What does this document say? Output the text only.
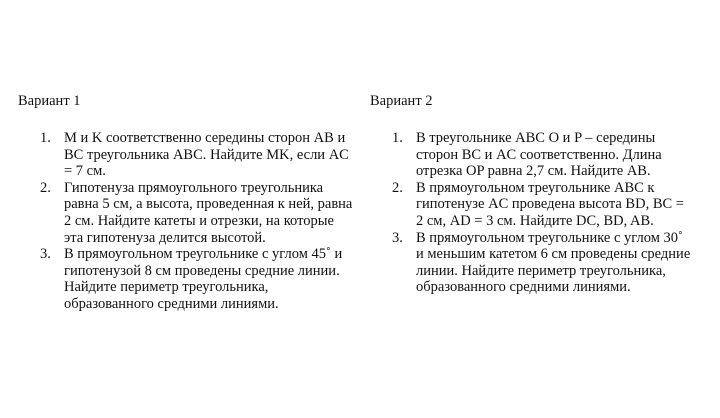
Вариант 1

1. M и K соответственно середины сторон AB и BC треугольника ABC. Найдите MK, если AC = 7 см.
2. Гипотенуза прямоугольного треугольника равна 5 см, а высота, проведенная к ней, равна 2 см. Найдите катеты и отрезки, на которые эта гипотенуза делится высотой.
3. В прямоугольном треугольнике с углом 45˚ и гипотенузой 8 см проведены средние линии. Найдите периметр треугольника, образованного средними линиями.

Вариант 2

1. В треугольнике ABC O и P – середины сторон BC и AC соответственно. Длина отрезка OP равна 2,7 см. Найдите AB.
2. В прямоугольном треугольнике ABC к гипотенузе AC проведена высота BD, BC = 2 см, AD = 3 см. Найдите DC, BD, AB.
3. В прямоугольном треугольнике с углом 30˚ и меньшим катетом 6 см проведены средние линии. Найдите периметр треугольника, образованного средними линиями.
